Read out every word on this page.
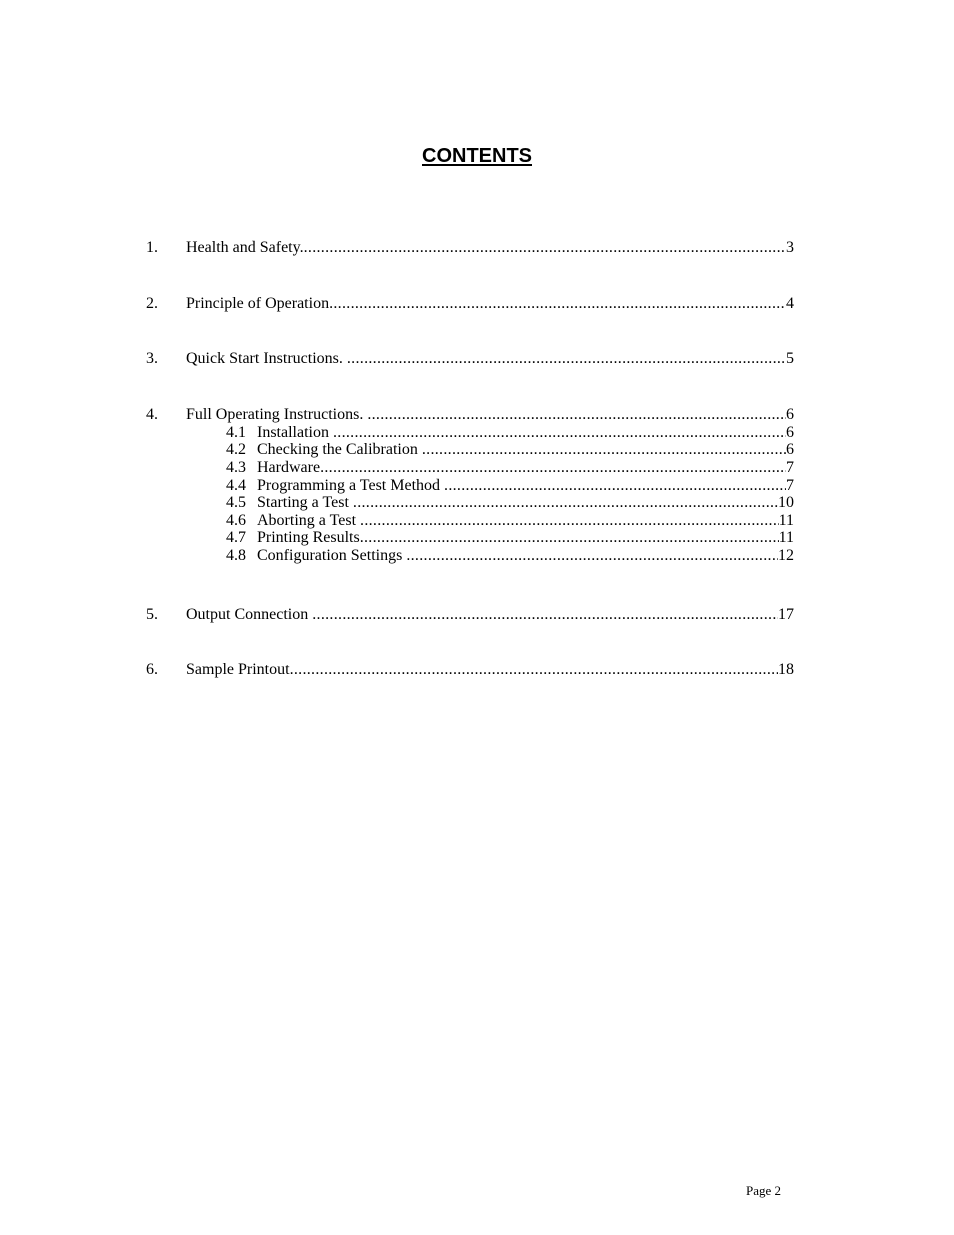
CONTENTS
1. Health and Safety. .....	3
2. Principle of Operation .....	4
3. Quick Start Instructions. .....	5
4. Full Operating Instructions. .....	6
4.1 Installation .....	6
4.2 Checking the Calibration .....	6
4.3 Hardware .....	7
4.4 Programming a Test Method .....	7
4.5 Starting a Test .....	10
4.6 Aborting a Test .....	11
4.7 Printing Results .....	11
4.8 Configuration Settings .....	12
5. Output Connection .....	17
6. Sample Printout .....	18
Page 2
